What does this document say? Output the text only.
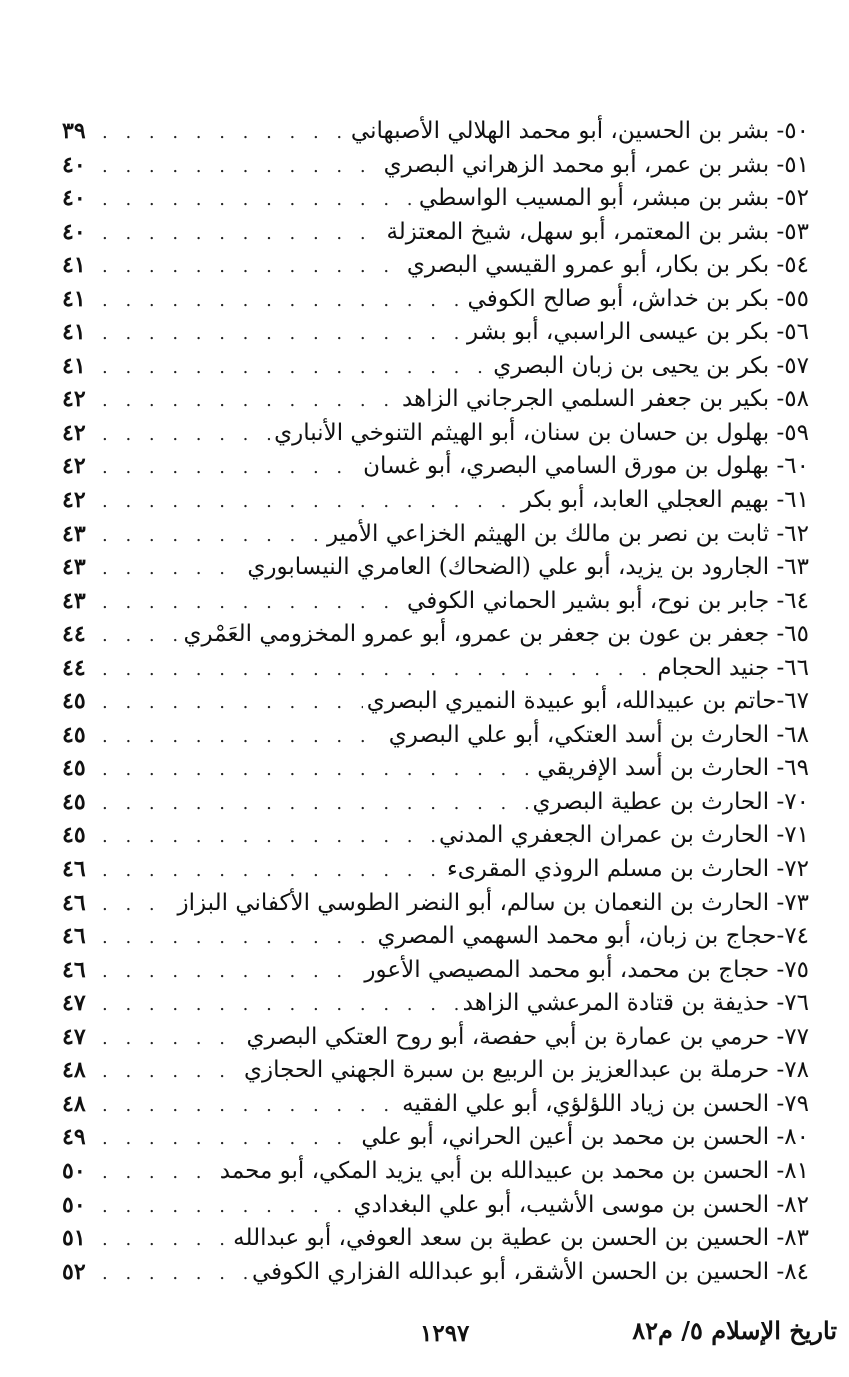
٥٠- بشر بن الحسين، أبو محمد الهلالي الأصبهاني
. . .
٣٩
٥١- بشر بن عمر، أبو محمد الزهراني البصري
. . .
٤٠
٥٢- بشر بن مبشر، أبو المسيب الواسطي
. . .
٤٠
٥٣- بشر بن المعتمر، أبو سهل، شيخ المعتزلة
. . .
٤٠
٥٤- بكر بن بكار، أبو عمرو القيسي البصري
. . .
٤١
٥٥- بكر بن خداش، أبو صالح الكوفي
. . .
٤١
٥٦- بكر بن عيسى الراسبي، أبو بشر
. . .
٤١
٥٧- بكر بن يحيى بن زبان البصري
. . .
٤١
٥٨- بكير بن جعفر السلمي الجرجاني الزاهد
. . .
٤٢
٥٩- بهلول بن حسان بن سنان، أبو الهيثم التنوخي الأنباري
. . .
٤٢
٦٠- بهلول بن مورق السامي البصري، أبو غسان
. . .
٤٢
٦١- بهيم العجلي العابد، أبو بكر
. . .
٤٢
٦٢- ثابت بن نصر بن مالك بن الهيثم الخزاعي الأمير
. . .
٤٣
٦٣- الجارود بن يزيد، أبو علي (الضحاك) العامري النيسابوري
. . .
٤٣
٦٤- جابر بن نوح، أبو بشير الحماني الكوفي
. . .
٤٣
٦٥- جعفر بن عون بن جعفر بن عمرو، أبو عمرو المخزومي العَمْري
. . .
٤٤
٦٦- جنيد الحجام
. . .
٤٤
٦٧-حاتم بن عبيدالله، أبو عبيدة النميري البصري
. . .
٤٥
٦٨- الحارث بن أسد العتكي، أبو علي البصري
. . .
٤٥
٦٩- الحارث بن أسد الإفريقي
. . .
٤٥
٧٠- الحارث بن عطية البصري
. . .
٤٥
٧١- الحارث بن عمران الجعفري المدني
. . .
٤٥
٧٢- الحارث بن مسلم الروذي المقرىء
. . .
٤٦
٧٣- الحارث بن النعمان بن سالم، أبو النضر الطوسي الأكفاني البزاز
. . .
٤٦
٧٤-حجاج بن زبان، أبو محمد السهمي المصري
. . .
٤٦
٧٥- حجاج بن محمد، أبو محمد المصيصي الأعور
. . .
٤٦
٧٦- حذيفة بن قتادة المرعشي الزاهد
. . .
٤٧
٧٧- حرمي بن عمارة بن أبي حفصة، أبو روح العتكي البصري
. . .
٤٧
٧٨- حرملة بن عبدالعزيز بن الربيع بن سبرة الجهني الحجازي
. . .
٤٨
٧٩- الحسن بن زياد اللؤلؤي، أبو علي الفقيه
. . .
٤٨
٨٠- الحسن بن محمد بن أعين الحراني، أبو علي
. . .
٤٩
٨١- الحسن بن محمد بن عبيدالله بن أبي يزيد المكي، أبو محمد
. . .
٥٠
٨٢- الحسن بن موسى الأشيب، أبو علي البغدادي
. . .
٥٠
٨٣- الحسين بن الحسن بن عطية بن سعد العوفي، أبو عبدالله
. . .
٥١
٨٤- الحسين بن الحسن الأشقر، أبو عبدالله الفزاري الكوفي
. . .
٥٢
١٢٩٧	تاريخ الإسلام ٥/ م٨٢
